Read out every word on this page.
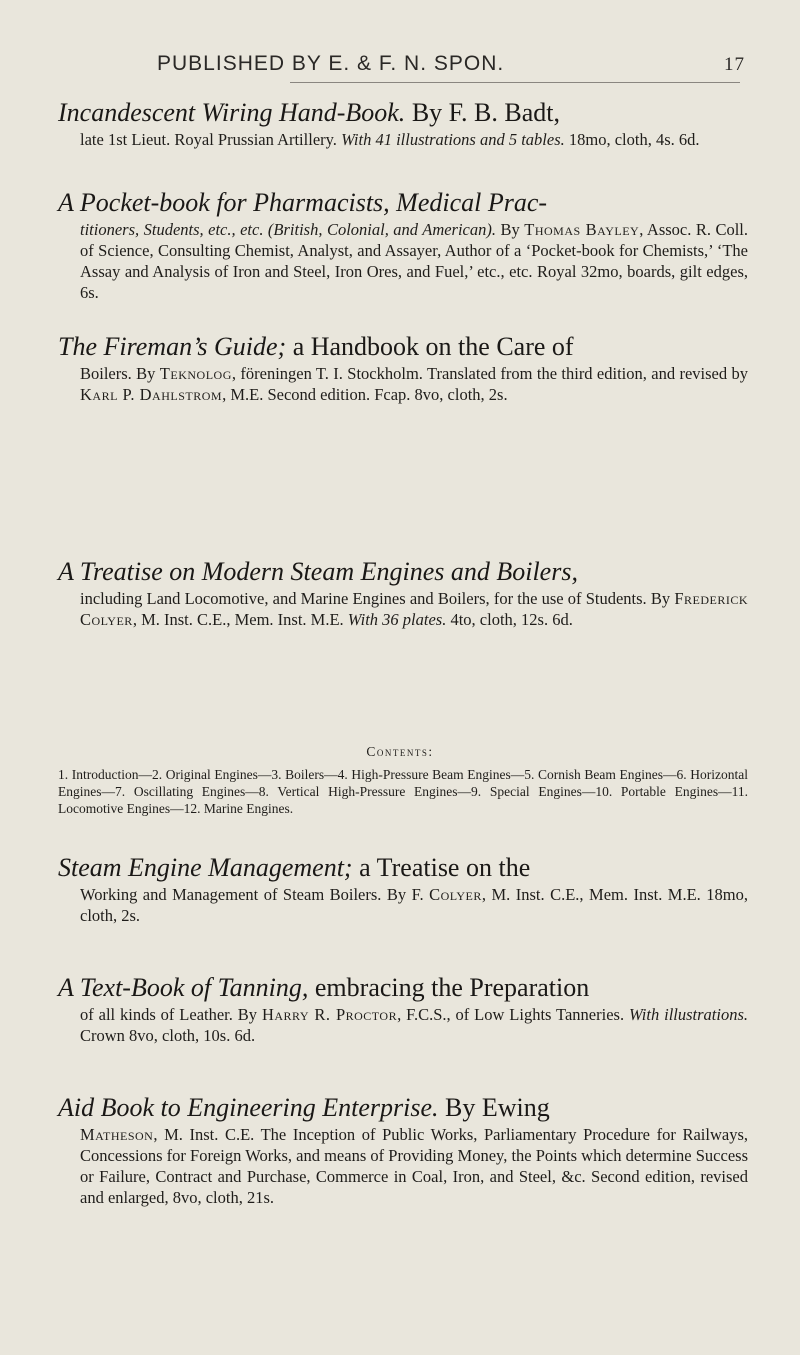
PUBLISHED BY E. & F. N. SPON.	17
Incandescent Wiring Hand-Book. By F. B. Badt,
late 1st Lieut. Royal Prussian Artillery. With 41 illustrations and 5 tables. 18mo, cloth, 4s. 6d.
A Pocket-book for Pharmacists, Medical Prac-
titioners, Students, etc., etc. (British, Colonial, and American). By Thomas Bayley, Assoc. R. Coll. of Science, Consulting Chemist, Analyst, and Assayer, Author of a ‘Pocket-book for Chemists,’ ‘The Assay and Analysis of Iron and Steel, Iron Ores, and Fuel,’ etc., etc. Royal 32mo, boards, gilt edges, 6s.
The Fireman’s Guide; a Handbook on the Care of
Boilers. By Teknolog, föreningen T. I. Stockholm. Translated from the third edition, and revised by Karl P. Dahlstrom, M.E. Second edition. Fcap. 8vo, cloth, 2s.
A Treatise on Modern Steam Engines and Boilers,
including Land Locomotive, and Marine Engines and Boilers, for the use of Students. By Frederick Colyer, M. Inst. C.E., Mem. Inst. M.E. With 36 plates. 4to, cloth, 12s. 6d.
Contents:
1. Introduction—2. Original Engines—3. Boilers—4. High-Pressure Beam Engines—5. Cornish Beam Engines—6. Horizontal Engines—7. Oscillating Engines—8. Vertical High-Pressure Engines—9. Special Engines—10. Portable Engines—11. Locomotive Engines—12. Marine Engines.
Steam Engine Management; a Treatise on the
Working and Management of Steam Boilers. By F. Colyer, M. Inst. C.E., Mem. Inst. M.E. 18mo, cloth, 2s.
A Text-Book of Tanning, embracing the Preparation
of all kinds of Leather. By Harry R. Proctor, F.C.S., of Low Lights Tanneries. With illustrations. Crown 8vo, cloth, 10s. 6d.
Aid Book to Engineering Enterprise. By Ewing
Matheson, M. Inst. C.E. The Inception of Public Works, Parliamentary Procedure for Railways, Concessions for Foreign Works, and means of Providing Money, the Points which determine Success or Failure, Contract and Purchase, Commerce in Coal, Iron, and Steel, &c. Second edition, revised and enlarged, 8vo, cloth, 21s.
